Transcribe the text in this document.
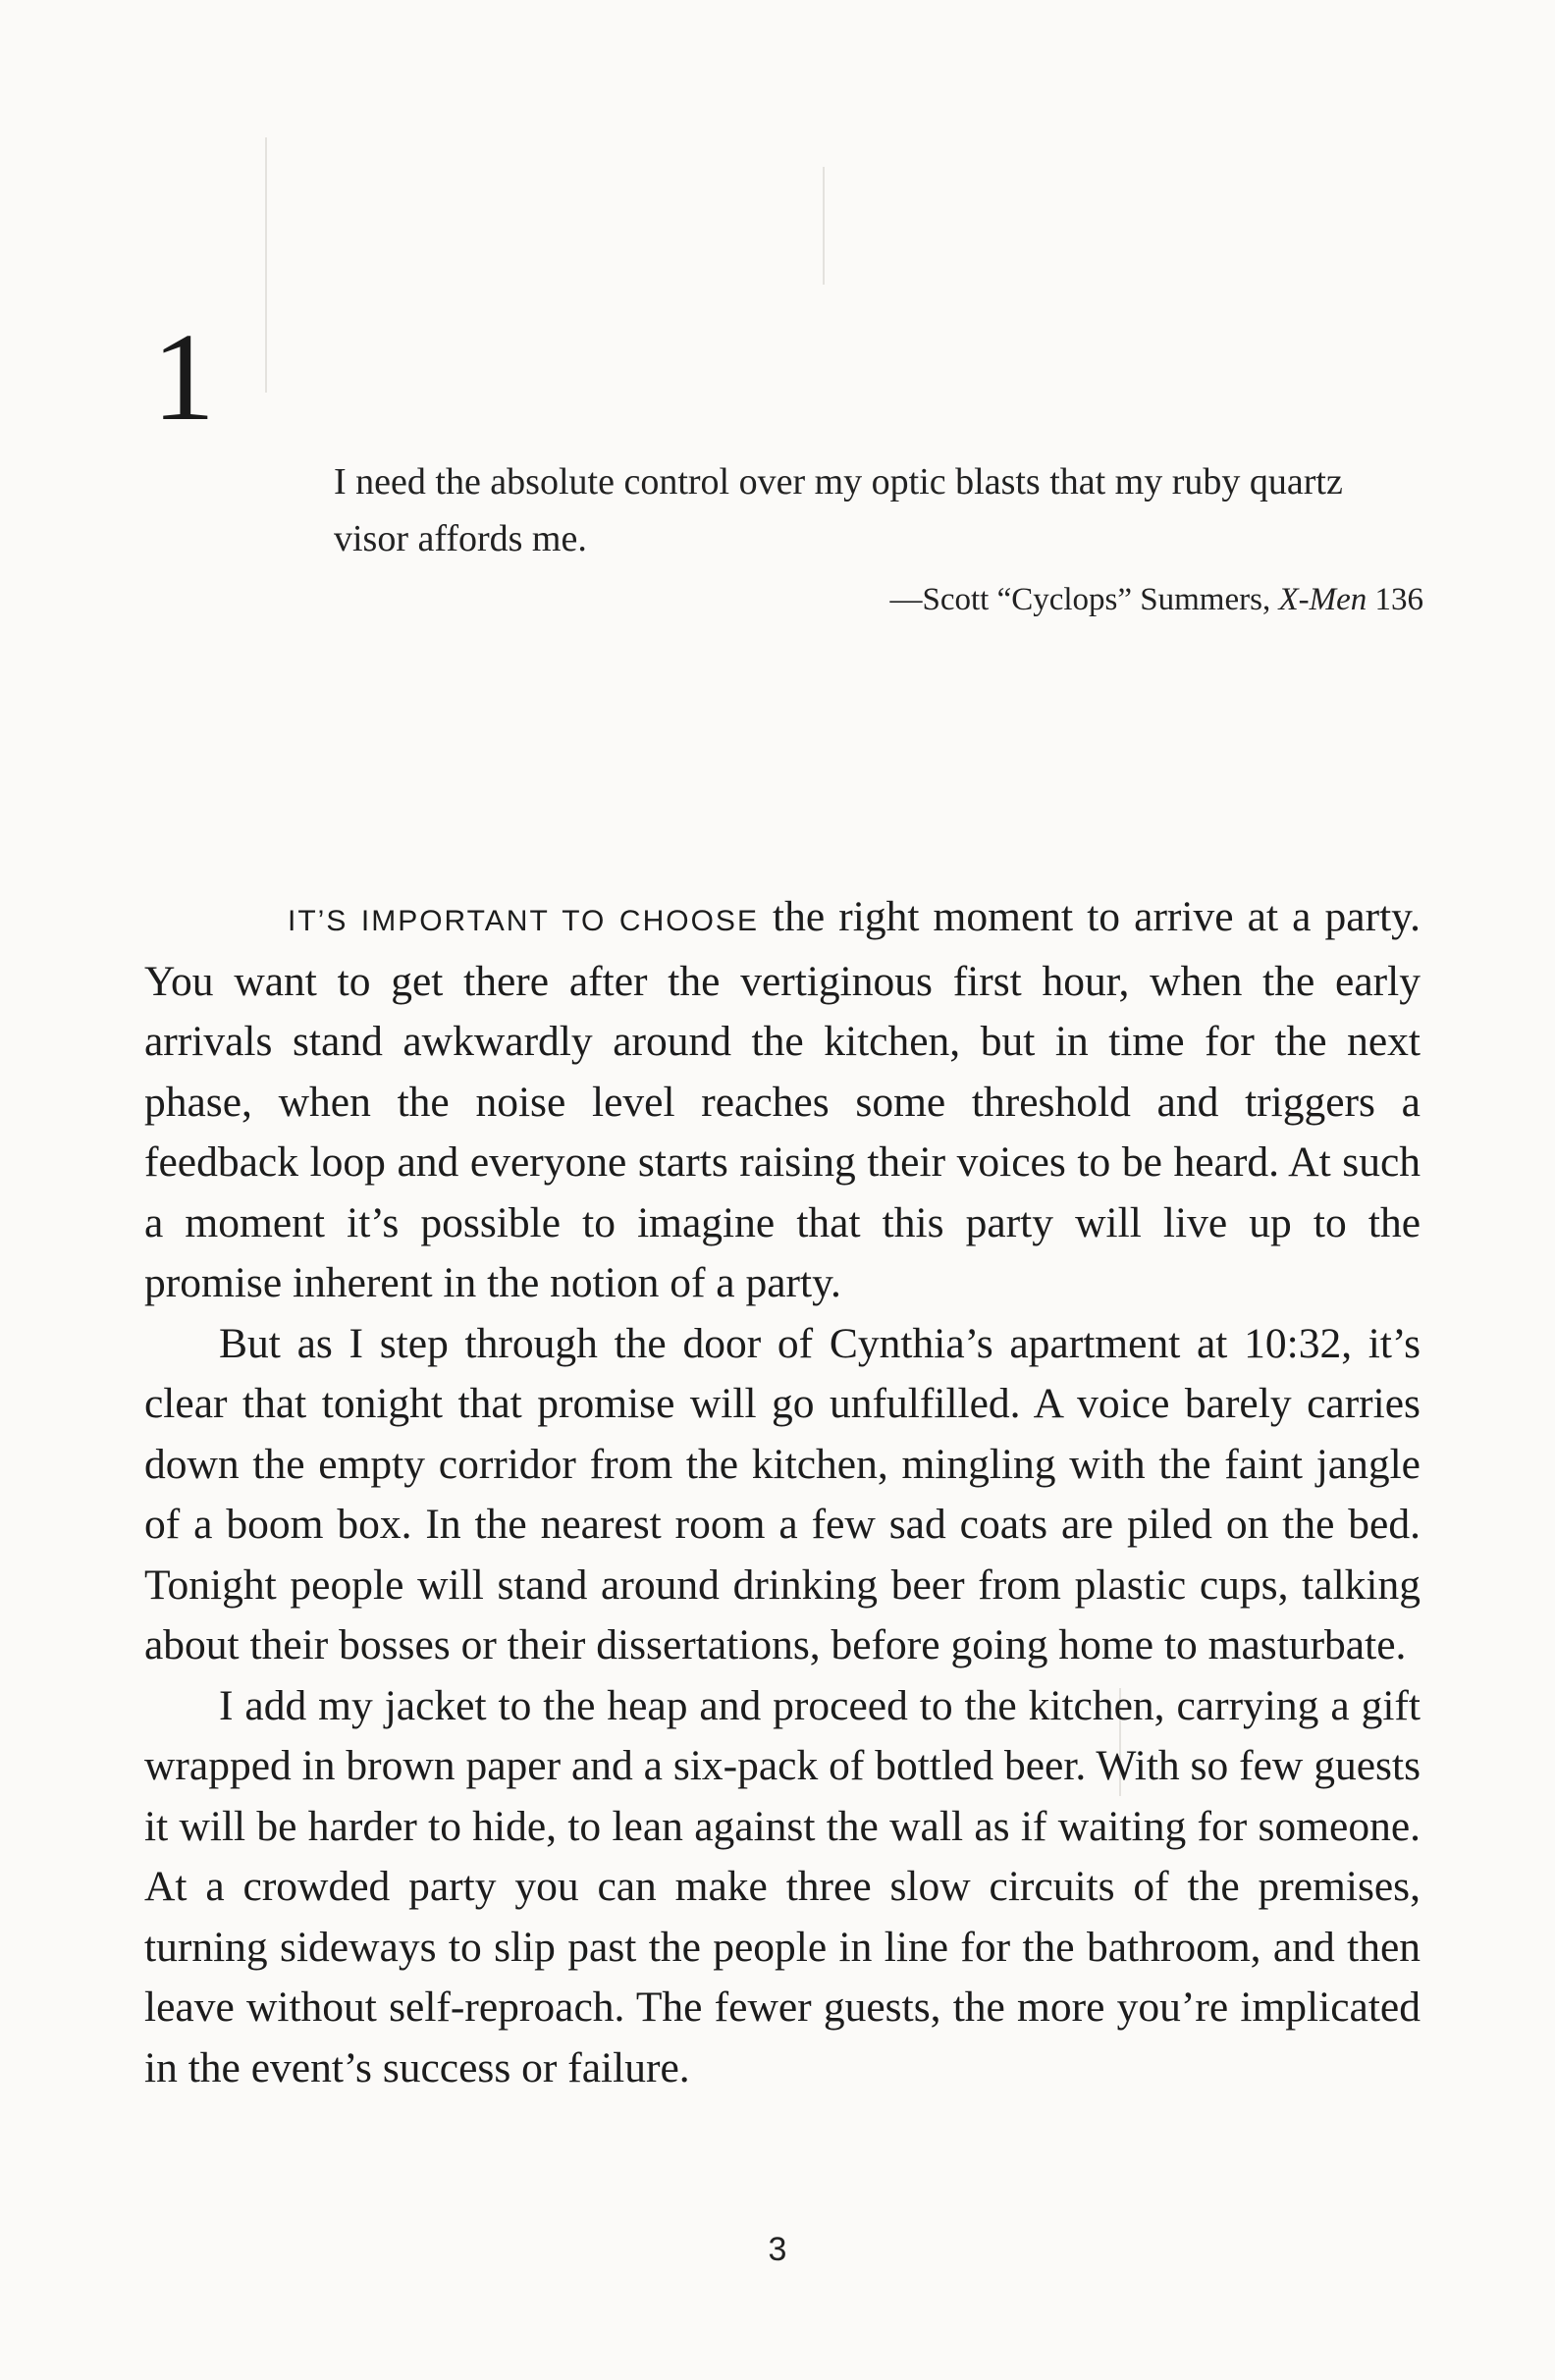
1

I need the absolute control over my optic blasts that my ruby quartz visor affords me.

—Scott “Cyclops” Summers, X-Men 136

IT’S IMPORTANT TO CHOOSE the right moment to arrive at a party. You want to get there after the vertiginous first hour, when the early arrivals stand awkwardly around the kitchen, but in time for the next phase, when the noise level reaches some threshold and triggers a feedback loop and everyone starts raising their voices to be heard. At such a moment it’s possible to imagine that this party will live up to the promise inherent in the notion of a party.

But as I step through the door of Cynthia’s apartment at 10:32, it’s clear that tonight that promise will go unfulfilled. A voice barely carries down the empty corridor from the kitchen, mingling with the faint jangle of a boom box. In the nearest room a few sad coats are piled on the bed. Tonight people will stand around drinking beer from plastic cups, talking about their bosses or their dissertations, before going home to masturbate.

I add my jacket to the heap and proceed to the kitchen, carrying a gift wrapped in brown paper and a six-pack of bottled beer. With so few guests it will be harder to hide, to lean against the wall as if waiting for someone. At a crowded party you can make three slow circuits of the premises, turning sideways to slip past the people in line for the bathroom, and then leave without self-reproach. The fewer guests, the more you’re implicated in the event’s success or failure.

3
